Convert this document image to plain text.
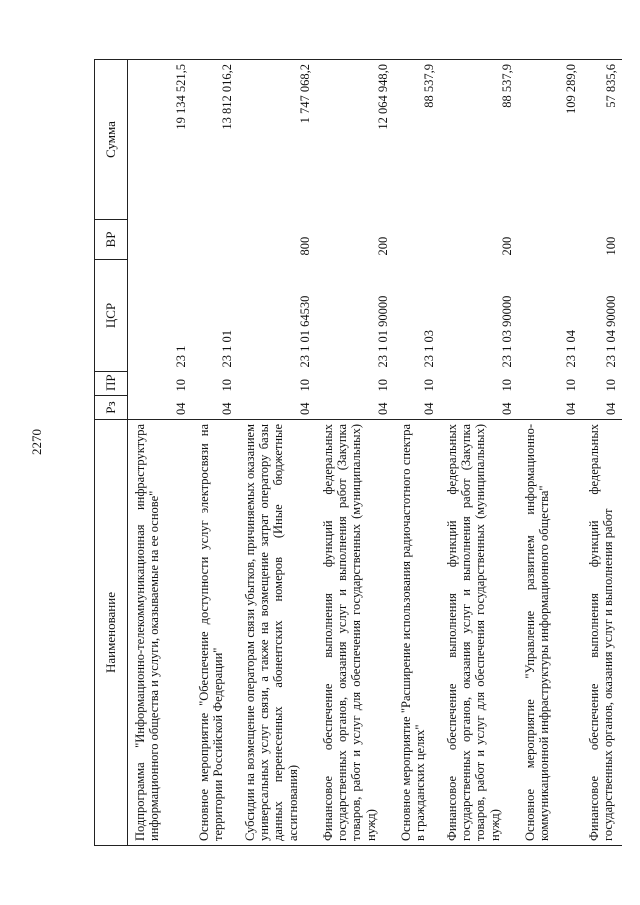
2270
Наименование	Рз	ПР	ЦСР	ВР	Сумма
Подпрограмма "Информационно-телекоммуникационная инфраструктура информационного общества и услуги, оказываемые на ее основе"	04	10	23 1		19 134 521,5
Основное мероприятие "Обеспечение доступности услуг электросвязи на территории Российской Федерации"	04	10	23 1 01		13 812 016,2
Субсидии на возмещение операторам связи убытков, причиняемых оказанием универсальных услуг связи, а также на возмещение затрат оператору базы данных перенесенных абонентских номеров (Иные бюджетные ассигнования)	04	10	23 1 01 64530	800	1 747 068,2
Финансовое обеспечение выполнения функций федеральных государственных органов, оказания услуг и выполнения работ (Закупка товаров, работ и услуг для обеспечения государственных (муниципальных) нужд)	04	10	23 1 01 90000	200	12 064 948,0
Основное мероприятие "Расширение использования радиочастотного спектра в гражданских целях"	04	10	23 1 03		88 537,9
Финансовое обеспечение выполнения функций федеральных государственных органов, оказания услуг и выполнения работ (Закупка товаров, работ и услуг для обеспечения государственных (муниципальных) нужд)	04	10	23 1 03 90000	200	88 537,9
Основное мероприятие "Управление развитием информационно-коммуникационной инфраструктуры информационного общества"	04	10	23 1 04		109 289,0
Финансовое обеспечение выполнения функций федеральных государственных органов, оказания услуг и выполнения работ	04	10	23 1 04 90000	100	57 835,6
